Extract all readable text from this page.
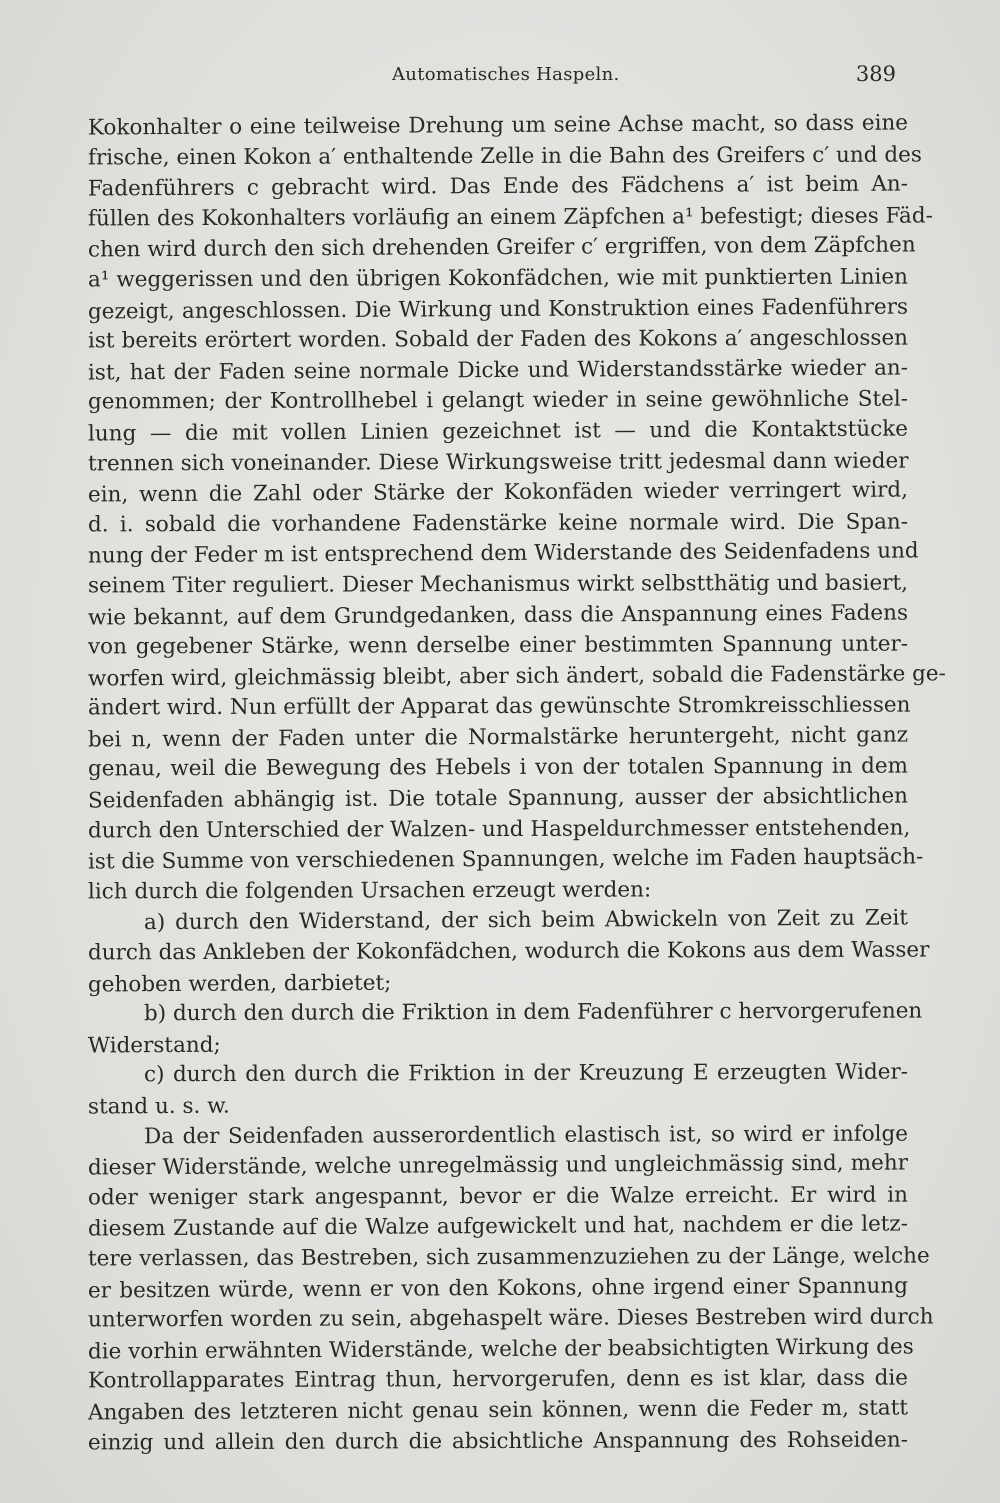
Automatisches Haspeln.	389
Kokonhalter o eine teilweise Drehung um seine Achse macht, so dass eine
frische, einen Kokon a′ enthaltende Zelle in die Bahn des Greifers c′ und des
Fadenführers c gebracht wird. Das Ende des Fädchens a′ ist beim An-
füllen des Kokonhalters vorläufig an einem Zäpfchen a¹ befestigt; dieses Fäd-
chen wird durch den sich drehenden Greifer c′ ergriffen, von dem Zäpfchen
a¹ weggerissen und den übrigen Kokonfädchen, wie mit punktierten Linien
gezeigt, angeschlossen. Die Wirkung und Konstruktion eines Fadenführers
ist bereits erörtert worden. Sobald der Faden des Kokons a′ angeschlossen
ist, hat der Faden seine normale Dicke und Widerstandsstärke wieder an-
genommen; der Kontrollhebel i gelangt wieder in seine gewöhnliche Stel-
lung — die mit vollen Linien gezeichnet ist — und die Kontaktstücke
trennen sich voneinander. Diese Wirkungsweise tritt jedesmal dann wieder
ein, wenn die Zahl oder Stärke der Kokonfäden wieder verringert wird,
d. i. sobald die vorhandene Fadenstärke keine normale wird. Die Span-
nung der Feder m ist entsprechend dem Widerstande des Seidenfadens und
seinem Titer reguliert. Dieser Mechanismus wirkt selbstthätig und basiert,
wie bekannt, auf dem Grundgedanken, dass die Anspannung eines Fadens
von gegebener Stärke, wenn derselbe einer bestimmten Spannung unter-
worfen wird, gleichmässig bleibt, aber sich ändert, sobald die Fadenstärke ge-
ändert wird. Nun erfüllt der Apparat das gewünschte Stromkreisschliessen
bei n, wenn der Faden unter die Normalstärke heruntergeht, nicht ganz
genau, weil die Bewegung des Hebels i von der totalen Spannung in dem
Seidenfaden abhängig ist. Die totale Spannung, ausser der absichtlichen
durch den Unterschied der Walzen- und Haspeldurchmesser entstehenden,
ist die Summe von verschiedenen Spannungen, welche im Faden hauptsäch-
lich durch die folgenden Ursachen erzeugt werden:
a) durch den Widerstand, der sich beim Abwickeln von Zeit zu Zeit
durch das Ankleben der Kokonfädchen, wodurch die Kokons aus dem Wasser
gehoben werden, darbietet;
b) durch den durch die Friktion in dem Fadenführer c hervorgerufenen
Widerstand;
c) durch den durch die Friktion in der Kreuzung E erzeugten Wider-
stand u. s. w.
Da der Seidenfaden ausserordentlich elastisch ist, so wird er infolge
dieser Widerstände, welche unregelmässig und ungleichmässig sind, mehr
oder weniger stark angespannt, bevor er die Walze erreicht. Er wird in
diesem Zustande auf die Walze aufgewickelt und hat, nachdem er die letz-
tere verlassen, das Bestreben, sich zusammenzuziehen zu der Länge, welche
er besitzen würde, wenn er von den Kokons, ohne irgend einer Spannung
unterworfen worden zu sein, abgehaspelt wäre. Dieses Bestreben wird durch
die vorhin erwähnten Widerstände, welche der beabsichtigten Wirkung des
Kontrollapparates Eintrag thun, hervorgerufen, denn es ist klar, dass die
Angaben des letzteren nicht genau sein können, wenn die Feder m, statt
einzig und allein den durch die absichtliche Anspannung des Rohseiden-
